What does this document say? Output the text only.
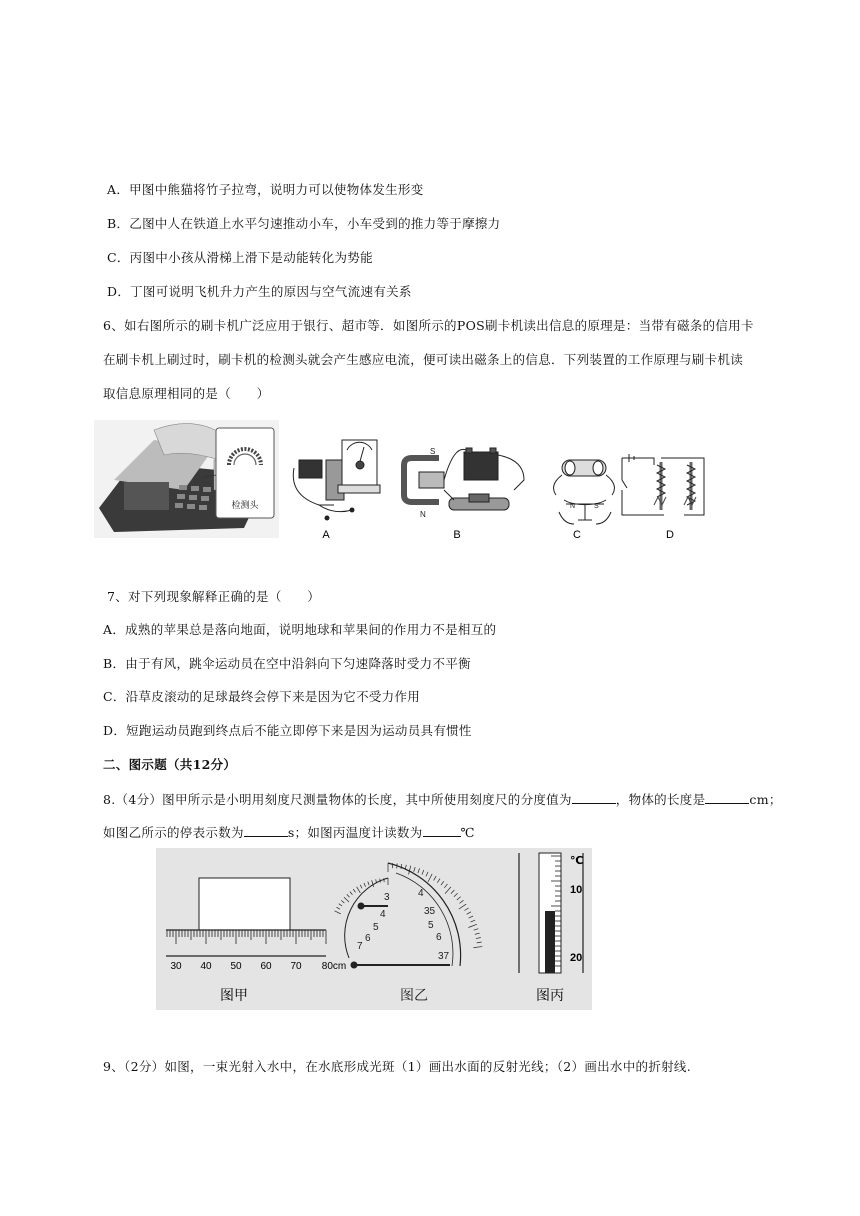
A．甲图中熊猫将竹子拉弯，说明力可以使物体发生形变
B．乙图中人在铁道上水平匀速推动小车，小车受到的推力等于摩擦力
C．丙图中小孩从滑梯上滑下是动能转化为势能
D．丁图可说明飞机升力产生的原因与空气流速有关系
6、如右图所示的刷卡机广泛应用于银行、超市等．如图所示的POS刷卡机读出信息的原理是：当带有磁条的信用卡
在刷卡机上刷过时，刷卡机的检测头就会产生感应电流，便可读出磁条上的信息．下列装置的工作原理与刷卡机读
取信息原理相同的是（　　）
检测头
A
S
N
B
N	S
C	D
7、对下列现象解释正确的是（　　）
A．成熟的苹果总是落向地面，说明地球和苹果间的作用力不是相互的
B．由于有风，跳伞运动员在空中沿斜向下匀速降落时受力不平衡
C．沿草皮滚动的足球最终会停下来是因为它不受力作用
D．短跑运动员跑到终点后不能立即停下来是因为运动员具有惯性
二、图示题（共12分）
8.（4分）图甲所示是小明用刻度尺测量物体的长度，其中所使用刻度尺的分度值为	，物体的长度是	cm；
如图乙所示的停表示数为	s；如图丙温度计读数为	℃
30 40 50 60 70 80cm
图甲
3
4
5
6
7
4
35
5
6
37
图乙
℃
10
20
图丙
9、（2分）如图，一束光射入水中，在水底形成光斑（1）画出水面的反射光线；（2）画出水中的折射线.
